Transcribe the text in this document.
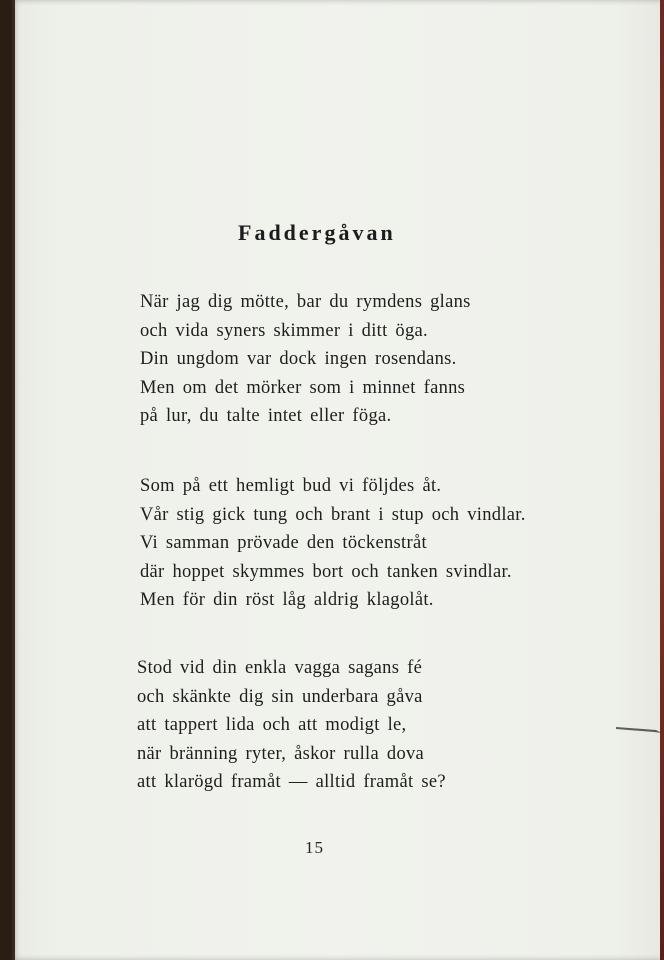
Faddergåvan
När jag dig mötte, bar du rymdens glans
och vida syners skimmer i ditt öga.
Din ungdom var dock ingen rosendans.
Men om det mörker som i minnet fanns
på lur, du talte intet eller föga.
Som på ett hemligt bud vi följdes åt.
Vår stig gick tung och brant i stup och vindlar.
Vi samman prövade den töckenstråt
där hoppet skymmes bort och tanken svindlar.
Men för din röst låg aldrig klagolåt.
Stod vid din enkla vagga sagans fé
och skänkte dig sin underbara gåva
att tappert lida och att modigt le,
när bränning ryter, åskor rulla dova
att klarögd framåt — alltid framåt se?
15
